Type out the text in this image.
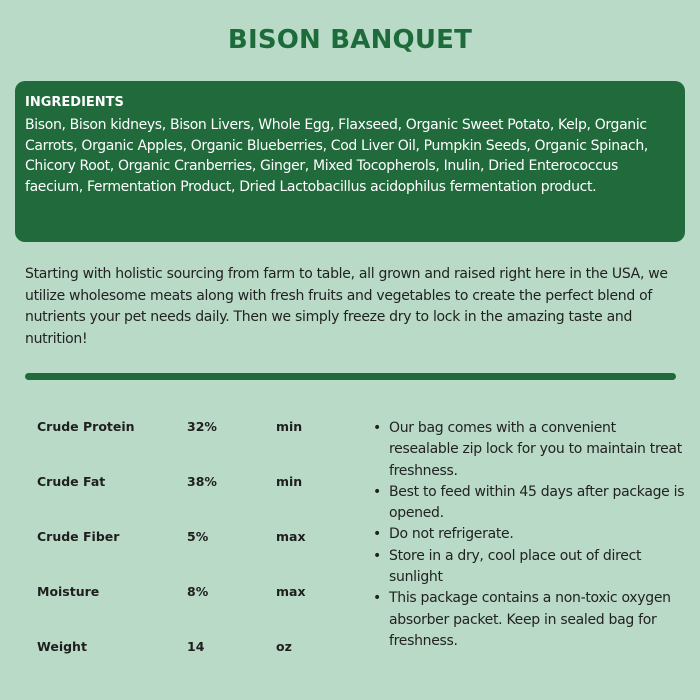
BISON BANQUET
INGREDIENTS

Bison, Bison kidneys, Bison Livers, Whole Egg, Flaxseed, Organic Sweet Potato, Kelp, Organic Carrots, Organic Apples, Organic Blueberries, Cod Liver Oil, Pumpkin Seeds, Organic Spinach, Chicory Root, Organic Cranberries, Ginger, Mixed Tocopherols, Inulin, Dried Enterococcus faecium, Fermentation Product, Dried Lactobacillus acidophilus fermentation product.

Starting with holistic sourcing from farm to table, all grown and raised right here in the USA, we utilize wholesome meats along with fresh fruits and vegetables to create the perfect blend of nutrients your pet needs daily. Then we simply freeze dry to lock in the amazing taste and nutrition!

Crude Protein	32%	min
Crude Fat	38%	min
Crude Fiber	5%	max
Moisture	8%	max
Weight	14	oz
• Our bag comes with a convenient resealable zip lock for you to maintain treat freshness.
• Best to feed within 45 days after package is opened.
• Do not refrigerate.
• Store in a dry, cool place out of direct sunlight
• This package contains a non-toxic oxygen absorber packet. Keep in sealed bag for freshness.
